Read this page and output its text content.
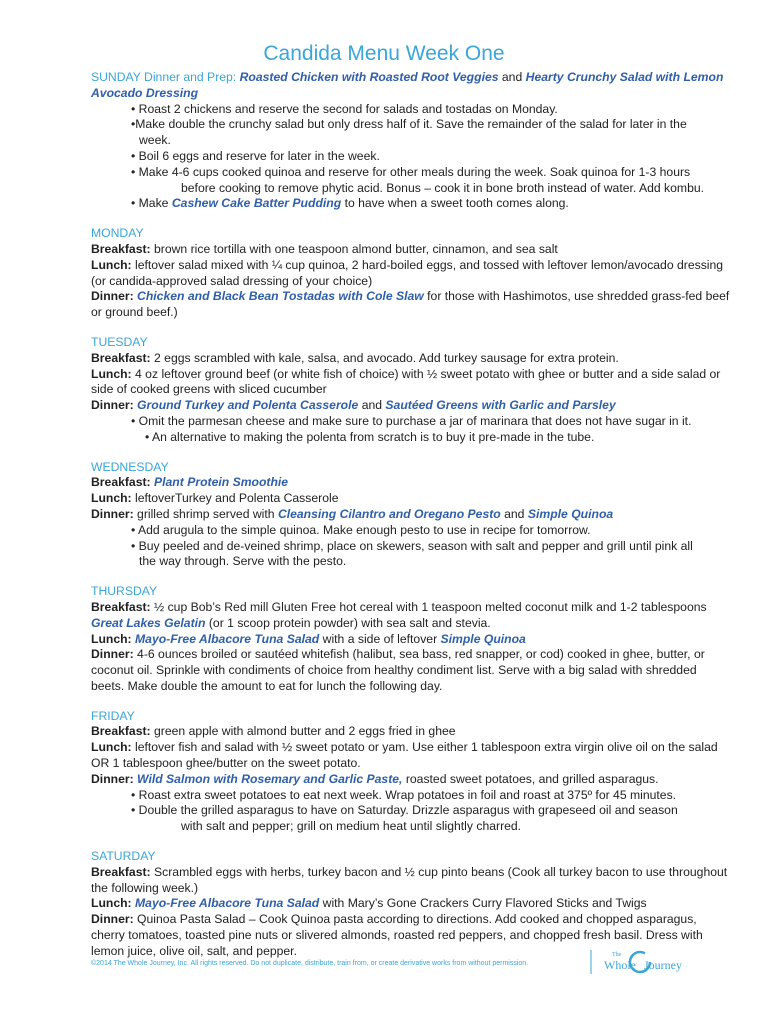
Candida Menu Week One
SUNDAY Dinner and Prep: Roasted Chicken with Roasted Root Veggies and Hearty Crunchy Salad with Lemon Avocado Dressing
• Roast 2 chickens and reserve the second for salads and tostadas on Monday.
•Make double the crunchy salad but only dress half of it. Save the remainder of the salad for later in the
week.
• Boil 6 eggs and reserve for later in the week.
• Make 4-6 cups cooked quinoa and reserve for other meals during the week. Soak quinoa for 1-3 hours
before cooking to remove phytic acid. Bonus – cook it in bone broth instead of water. Add kombu.
• Make Cashew Cake Batter Pudding to have when a sweet tooth comes along.
MONDAY
Breakfast: brown rice tortilla with one teaspoon almond butter, cinnamon, and sea salt
Lunch: leftover salad mixed with ¼ cup quinoa, 2 hard-boiled eggs, and tossed with leftover lemon/avocado dressing (or candida-approved salad dressing of your choice)
Dinner: Chicken and Black Bean Tostadas with Cole Slaw for those with Hashimotos, use shredded grass-fed beef or ground beef.)
TUESDAY
Breakfast: 2 eggs scrambled with kale, salsa, and avocado. Add turkey sausage for extra protein.
Lunch: 4 oz leftover ground beef (or white fish of choice) with ½ sweet potato with ghee or butter and a side salad or side of cooked greens with sliced cucumber
Dinner: Ground Turkey and Polenta Casserole and Sautéed Greens with Garlic and Parsley
• Omit the parmesan cheese and make sure to purchase a jar of marinara that does not have sugar in it.
• An alternative to making the polenta from scratch is to buy it pre-made in the tube.
WEDNESDAY
Breakfast: Plant Protein Smoothie
Lunch: leftoverTurkey and Polenta Casserole
Dinner: grilled shrimp served with Cleansing Cilantro and Oregano Pesto and Simple Quinoa
• Add arugula to the simple quinoa. Make enough pesto to use in recipe for tomorrow.
• Buy peeled and de-veined shrimp, place on skewers, season with salt and pepper and grill until pink all
the way through. Serve with the pesto.
THURSDAY
Breakfast: ½ cup Bob’s Red mill Gluten Free hot cereal with 1 teaspoon melted coconut milk and 1-2 tablespoons Great Lakes Gelatin (or 1 scoop protein powder) with sea salt and stevia.
Lunch: Mayo-Free Albacore Tuna Salad with a side of leftover Simple Quinoa
Dinner: 4-6 ounces broiled or sautéed whitefish (halibut, sea bass, red snapper, or cod) cooked in ghee, butter, or coconut oil. Sprinkle with condiments of choice from healthy condiment list. Serve with a big salad with shredded beets. Make double the amount to eat for lunch the following day.
FRIDAY
Breakfast: green apple with almond butter and 2 eggs fried in ghee
Lunch: leftover fish and salad with ½ sweet potato or yam. Use either 1 tablespoon extra virgin olive oil on the salad OR 1 tablespoon ghee/butter on the sweet potato.
Dinner: Wild Salmon with Rosemary and Garlic Paste, roasted sweet potatoes, and grilled asparagus.
• Roast extra sweet potatoes to eat next week. Wrap potatoes in foil and roast at 375º for 45 minutes.
• Double the grilled asparagus to have on Saturday. Drizzle asparagus with grapeseed oil and season
with salt and pepper; grill on medium heat until slightly charred.
SATURDAY
Breakfast: Scrambled eggs with herbs, turkey bacon and ½ cup pinto beans (Cook all turkey bacon to use throughout the following week.)
Lunch: Mayo-Free Albacore Tuna Salad with Mary’s Gone Crackers Curry Flavored Sticks and Twigs
Dinner: Quinoa Pasta Salad – Cook Quinoa pasta according to directions. Add cooked and chopped asparagus, cherry tomatoes, toasted pine nuts or slivered almonds, roasted red peppers, and chopped fresh basil. Dress with lemon juice, olive oil, salt, and pepper.
©2014 The Whole Journey, Inc. All rights reserved. Do not duplicate, distribute, train from, or create derivative works from without permission.
The
Whole Journey
